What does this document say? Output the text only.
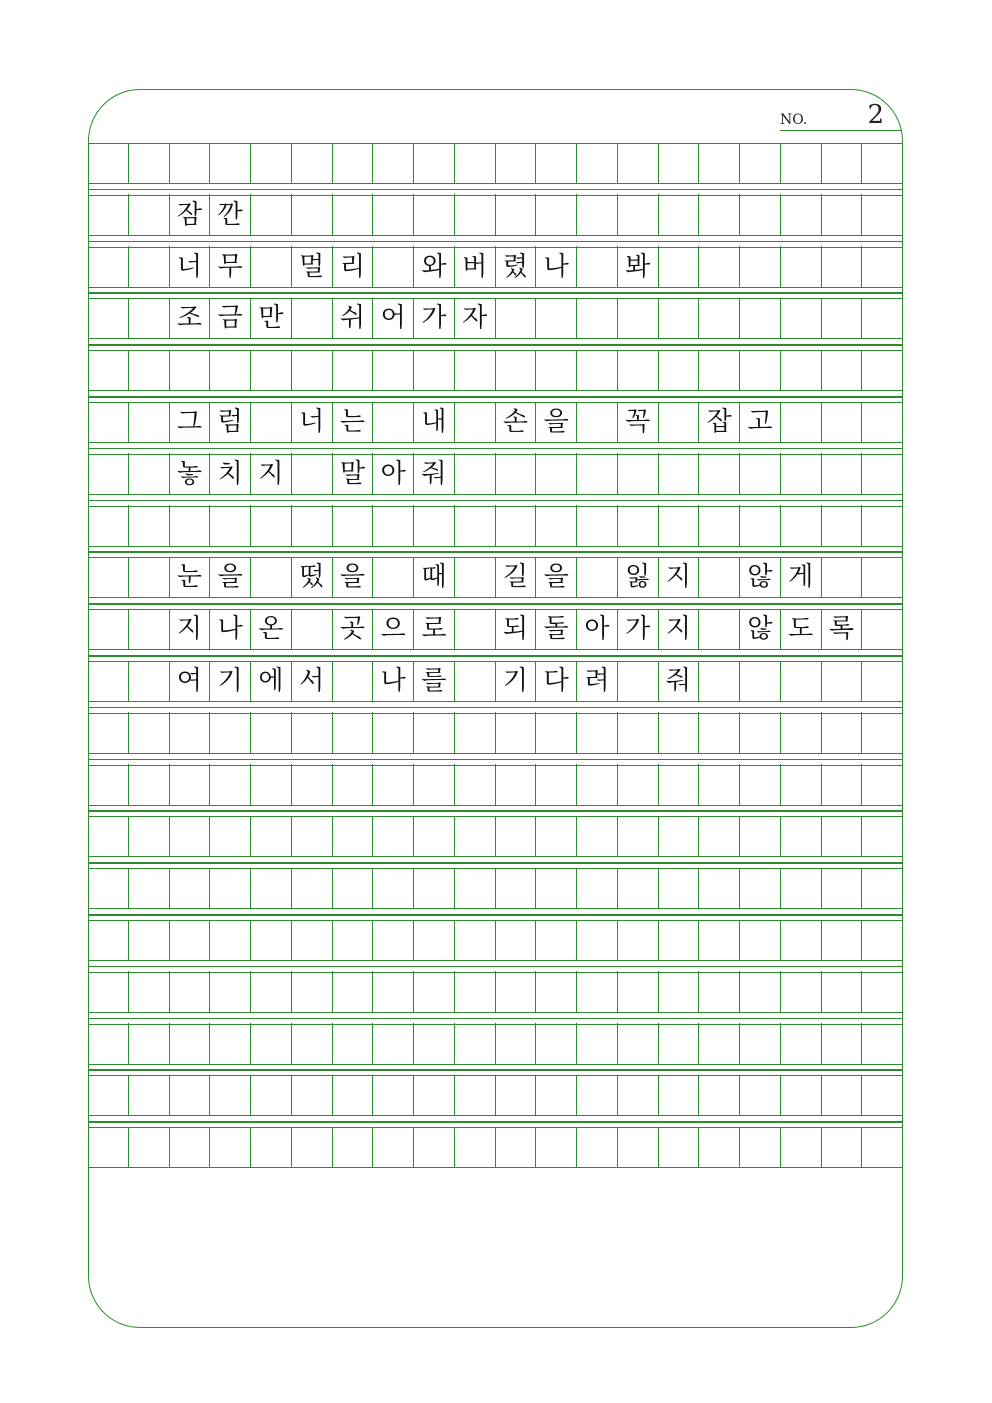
NO. 2
잠 깐
너 무	멀 리	와 버 렸 나	봐
조 금 만	쉬 어 가 자
그 럼	너 는	내	손 을	꼭	잡 고
놓 치 지	말 아 줘
눈 을	떴 을	때	길 을	잃 지	않 게
지 나 온	곳 으 로	되 돌 아 가 지	않 도 록
여 기 에 서	나 를	기 다 려	줘
